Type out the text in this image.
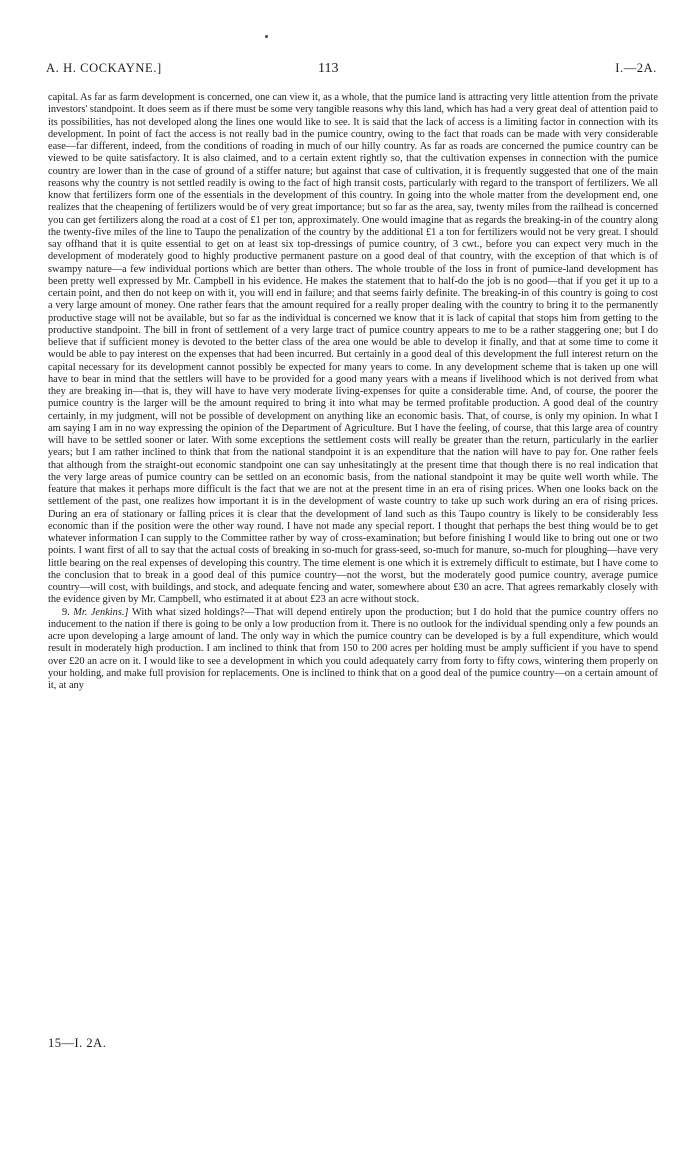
A. H. COCKAYNE.]	113	I.—2A.

capital. As far as farm development is concerned, one can view it, as a whole, that the pumice land is attracting very little attention from the private investors' standpoint. It does seem as if there must be some very tangible reasons why this land, which has had a very great deal of attention paid to its possibilities, has not developed along the lines one would like to see. It is said that the lack of access is a limiting factor in connection with its development. In point of fact the access is not really bad in the pumice country, owing to the fact that roads can be made with very considerable ease—far different, indeed, from the conditions of roading in much of our hilly country. As far as roads are concerned the pumice country can be viewed to be quite satisfactory. It is also claimed, and to a certain extent rightly so, that the cultivation expenses in connection with the pumice country are lower than in the case of ground of a stiffer nature; but against that case of cultivation, it is frequently suggested that one of the main reasons why the country is not settled readily is owing to the fact of high transit costs, particularly with regard to the transport of fertilizers. We all know that fertilizers form one of the essentials in the development of this country. In going into the whole matter from the development end, one realizes that the cheapening of fertilizers would be of very great importance; but so far as the area, say, twenty miles from the railhead is concerned you can get fertilizers along the road at a cost of £1 per ton, approximately. One would imagine that as regards the breaking-in of the country along the twenty-five miles of the line to Taupo the penalization of the country by the additional £1 a ton for fertilizers would not be very great. I should say offhand that it is quite essential to get on at least six top-dressings of pumice country, of 3 cwt., before you can expect very much in the development of moderately good to highly productive permanent pasture on a good deal of that country, with the exception of that which is of swampy nature—a few individual portions which are better than others. The whole trouble of the loss in front of pumice-land development has been pretty well expressed by Mr. Campbell in his evidence. He makes the statement that to half-do the job is no good—that if you get it up to a certain point, and then do not keep on with it, you will end in failure; and that seems fairly definite. The breaking-in of this country is going to cost a very large amount of money. One rather fears that the amount required for a really proper dealing with the country to bring it to the permanently productive stage will not be available, but so far as the individual is concerned we know that it is lack of capital that stops him from getting to the productive standpoint. The bill in front of settlement of a very large tract of pumice country appears to me to be a rather staggering one; but I do believe that if sufficient money is devoted to the better class of the area one would be able to develop it finally, and that at some time to come it would be able to pay interest on the expenses that had been incurred. But certainly in a good deal of this development the full interest return on the capital necessary for its development cannot possibly be expected for many years to come. In any development scheme that is taken up one will have to bear in mind that the settlers will have to be provided for a good many years with a means if livelihood which is not derived from what they are breaking in—that is, they will have to have very moderate living-expenses for quite a considerable time. And, of course, the poorer the pumice country is the larger will be the amount required to bring it into what may be termed profitable production. A good deal of the country certainly, in my judgment, will not be possible of development on anything like an economic basis. That, of course, is only my opinion. In what I am saying I am in no way expressing the opinion of the Department of Agriculture. But I have the feeling, of course, that this large area of country will have to be settled sooner or later. With some exceptions the settlement costs will really be greater than the return, particularly in the earlier years; but I am rather inclined to think that from the national standpoint it is an expenditure that the nation will have to pay for. One rather feels that although from the straight-out economic standpoint one can say unhesitatingly at the present time that though there is no real indication that the very large areas of pumice country can be settled on an economic basis, from the national standpoint it may be quite well worth while. The feature that makes it perhaps more difficult is the fact that we are not at the present time in an era of rising prices. When one looks back on the settlement of the past, one realizes how important it is in the development of waste country to take up such work during an era of rising prices. During an era of stationary or falling prices it is clear that the development of land such as this Taupo country is likely to be considerably less economic than if the position were the other way round. I have not made any special report. I thought that perhaps the best thing would be to get whatever information I can supply to the Committee rather by way of cross-examination; but before finishing I would like to bring out one or two points. I want first of all to say that the actual costs of breaking in so-much for grass-seed, so-much for manure, so-much for ploughing—have very little bearing on the real expenses of developing this country. The time element is one which it is extremely difficult to estimate, but I have come to the conclusion that to break in a good deal of this pumice country—not the worst, but the moderately good pumice country, average pumice country—will cost, with buildings, and stock, and adequate fencing and water, somewhere about £30 an acre. That agrees remarkably closely with the evidence given by Mr. Campbell, who estimated it at about £23 an acre without stock.

9. Mr. Jenkins.] With what sized holdings?—That will depend entirely upon the production; but I do hold that the pumice country offers no inducement to the nation if there is going to be only a low production from it. There is no outlook for the individual spending only a few pounds an acre upon developing a large amount of land. The only way in which the pumice country can be developed is by a full expenditure, which would result in moderately high production. I am inclined to think that from 150 to 200 acres per holding must be amply sufficient if you have to spend over £20 an acre on it. I would like to see a development in which you could adequately carry from forty to fifty cows, wintering them properly on your holding, and make full provision for replacements. One is inclined to think that on a good deal of the pumice country—on a certain amount of it, at any

15—I. 2A.
